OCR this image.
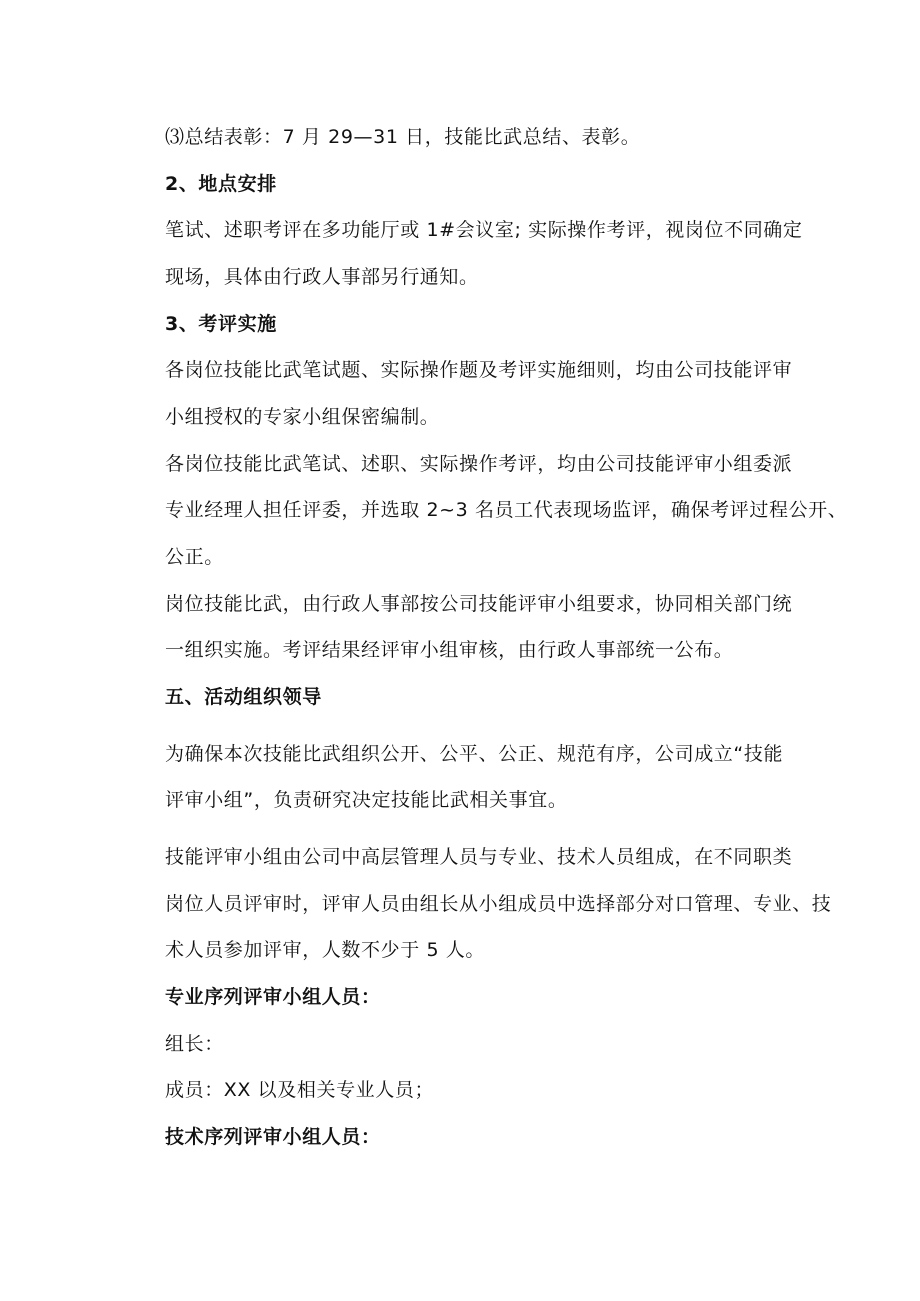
⑶总结表彰：7 月 29—31 日，技能比武总结、表彰。
2、地点安排
笔试、述职考评在多功能厅或 1#会议室; 实际操作考评，视岗位不同确定
现场，具体由行政人事部另行通知。
3、考评实施
各岗位技能比武笔试题、实际操作题及考评实施细则，均由公司技能评审
小组授权的专家小组保密编制。
各岗位技能比武笔试、述职、实际操作考评，均由公司技能评审小组委派
专业经理人担任评委，并选取 2~3 名员工代表现场监评，确保考评过程公开、
公正。
岗位技能比武，由行政人事部按公司技能评审小组要求，协同相关部门统
一组织实施。考评结果经评审小组审核，由行政人事部统一公布。
五、活动组织领导
为确保本次技能比武组织公开、公平、公正、规范有序，公司成立“技能
评审小组”，负责研究决定技能比武相关事宜。
技能评审小组由公司中高层管理人员与专业、技术人员组成，在不同职类
岗位人员评审时，评审人员由组长从小组成员中选择部分对口管理、专业、技
术人员参加评审，人数不少于 5 人。
专业序列评审小组人员：
组长：
成员：XX 以及相关专业人员；
技术序列评审小组人员：
